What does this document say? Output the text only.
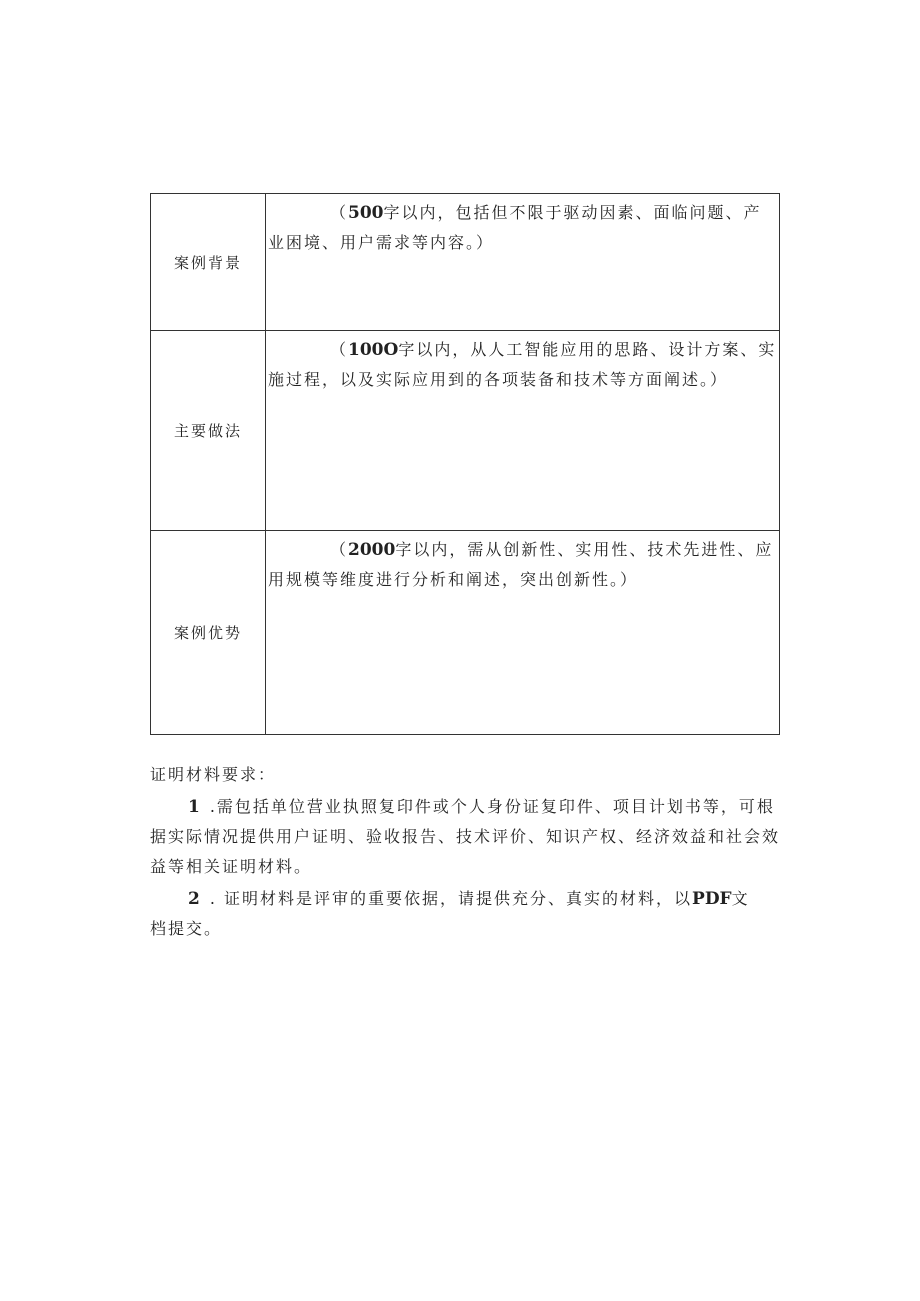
案例背景	（500字以内，包括但不限于驱动因素、面临问题、产业困境、用户需求等内容。）

主要做法	（100O字以内，从人工智能应用的思路、设计方案、实施过程，以及实际应用到的各项装备和技术等方面阐述。）

案例优势	（2000字以内，需从创新性、实用性、技术先进性、应用规模等维度进行分析和阐述，突出创新性。）

证明材料要求：

1 .需包括单位营业执照复印件或个人身份证复印件、项目计划书等，可根据实际情况提供用户证明、验收报告、技术评价、知识产权、经济效益和社会效益等相关证明材料。

2 . 证明材料是评审的重要依据，请提供充分、真实的材料，以PDF文档提交。
